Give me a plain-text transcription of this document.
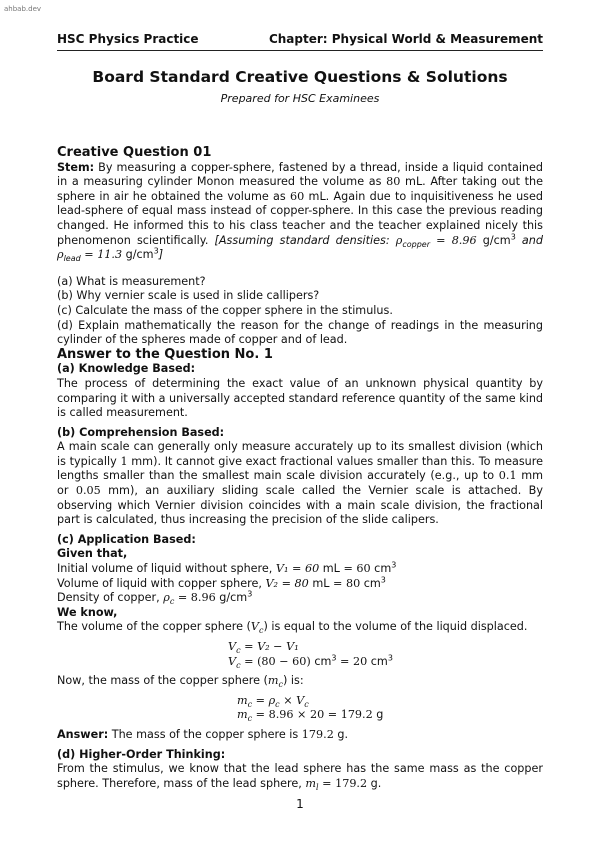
ahbab.dev
HSC Physics Practice	Chapter: Physical World & Measurement
Board Standard Creative Questions & Solutions
Prepared for HSC Examinees

Creative Question 01

Stem: By measuring a copper-sphere, fastened by a thread, inside a liquid contained in a measuring cylinder Monon measured the volume as 80 mL. After taking out the sphere in air he obtained the volume as 60 mL. Again due to inquisitiveness he used lead-sphere of equal mass instead of copper-sphere. In this case the previous reading changed. He informed this to his class teacher and the teacher explained nicely this phenomenon scientifically. [Assuming standard densities: $\rho_{copper} = 8.96$ $g/cm^3$ and $\rho_{lead} = 11.3$ $g/cm^3$]

(a) What is measurement?

(b) Why vernier scale is used in slide callipers?

(c) Calculate the mass of the copper sphere in the stimulus.

(d) Explain mathematically the reason for the change of readings in the measuring cylinder of the spheres made of copper and of lead.

Answer to the Question No. 1

(a) Knowledge Based:

The process of determining the exact value of an unknown physical quantity by comparing it with a universally accepted standard reference quantity of the same kind is called measurement.

(b) Comprehension Based:

A main scale can generally only measure accurately up to its smallest division (which is typically 1 mm). It cannot give exact fractional values smaller than this. To measure lengths smaller than the smallest main scale division accurately (e.g., up to 0.1 mm or 0.05 mm), an auxiliary sliding scale called the Vernier scale is attached. By observing which Vernier division coincides with a main scale division, the fractional part is calculated, thus increasing the precision of the slide calipers.

(c) Application Based:

Given that,

Initial volume of liquid without sphere, V₁ = 60 mL = 60 $cm^3$

Volume of liquid with copper sphere, V₂ = 80 mL = 80 $cm^3$

Density of copper, $\rho_c = 8.96$ $g/cm^3$

We know,

The volume of the copper sphere $(V_c)$ is equal to the volume of the liquid displaced.

$V_c = V_2 - V_1$

$V_c = (80 - 60) cm^3 = 20$ $cm^3$

Now, the mass of the copper sphere $(m_c)$ is:

$m_c = \rho_c \times V_c$

$m_c = 8.96 \times 20 = 179.2$ g

Answer: The mass of the copper sphere is 179.2 g.

(d) Higher-Order Thinking:

From the stimulus, we know that the lead sphere has the same mass as the copper sphere. Therefore, mass of the lead sphere, $m_l = 179.2$ g.

1
